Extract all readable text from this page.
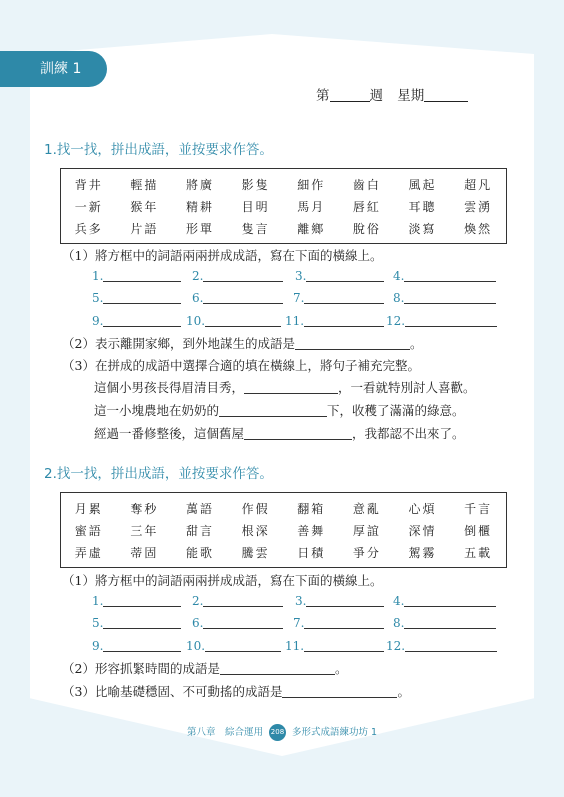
訓練 1
第	週 星期
1.找一找，拼出成語，並按要求作答。
背井	輕描	將廣	影隻	細作	齒白	風起	超凡
一新	猴年	精耕	目明	馬月	唇紅	耳聰	雲湧
兵多	片語	形單	隻言	離鄉	脫俗	淡寫	煥然
（1）將方框中的詞語兩兩拼成成語，寫在下面的橫線上。
1.	2.	3.	4.
5.	6.	7.	8.
9.	10.	11.	12.
（2）表示離開家鄉，到外地謀生的成語是	。
（3）在拼成的成語中選擇合適的填在橫線上，將句子補充完整。
這個小男孩長得眉清目秀，	，一看就特別討人喜歡。
這一小塊農地在奶奶的	下，收穫了滿滿的綠意。
經過一番修整後，這個舊屋	，我都認不出來了。
2.找一找，拼出成語，並按要求作答。
月累	奪秒	萬語	作假	翻箱	意亂	心煩	千言
蜜語	三年	甜言	根深	善舞	厚誼	深情	倒櫃
弄虛	蒂固	能歌	騰雲	日積	爭分	駕霧	五載
（1）將方框中的詞語兩兩拼成成語，寫在下面的橫線上。
1.	2.	3.	4.
5.	6.	7.	8.
9.	10.	11.	12.
（2）形容抓緊時間的成語是	。
（3）比喻基礎穩固、不可動搖的成語是	。
第八章　綜合運用 208 多形式成語練功坊 1
